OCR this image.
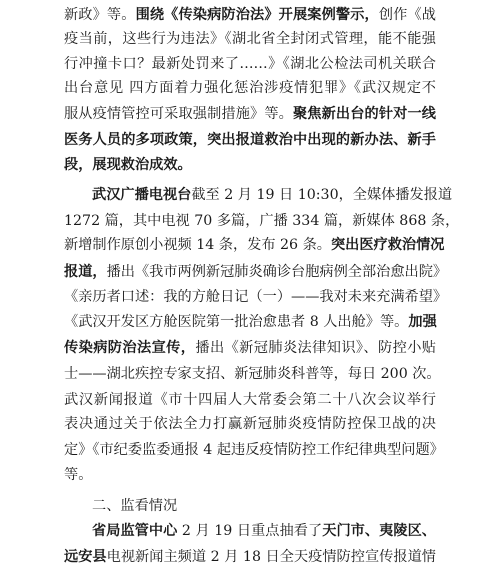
新政》等。围绕《传染病防治法》开展案例警示，创作《战
疫当前，这些行为违法》《湖北省全封闭式管理，能不能强
行冲撞卡口？最新处罚来了……》《湖北公检法司机关联合
出台意见 四方面着力强化惩治涉疫情犯罪》《武汉规定不
服从疫情管控可采取强制措施》等。聚焦新出台的针对一线
医务人员的多项政策，突出报道救治中出现的新办法、新手
段，展现救治成效。
武汉广播电视台截至 2 月 19 日 10:30，全媒体播发报道
1272 篇，其中电视 70 多篇，广播 334 篇，新媒体 868 条，
新增制作原创小视频 14 条，发布 26 条。突出医疗救治情况
报道，播出《我市两例新冠肺炎确诊台胞病例全部治愈出院》
《亲历者口述：我的方舱日记（一）——我对未来充满希望》
《武汉开发区方舱医院第一批治愈患者 8 人出舱》等。加强
传染病防治法宣传，播出《新冠肺炎法律知识》、防控小贴
士——湖北疾控专家支招、新冠肺炎科普等，每日 200 次。
武汉新闻报道《市十四届人大常委会第二十八次会议举行
表决通过关于依法全力打赢新冠肺炎疫情防控保卫战的决
定》《市纪委监委通报 4 起违反疫情防控工作纪律典型问题》
等。
二、监看情况
省局监管中心 2 月 19 日重点抽看了天门市、夷陵区、
远安县电视新闻主频道 2 月 18 日全天疫情防控宣传报道情
